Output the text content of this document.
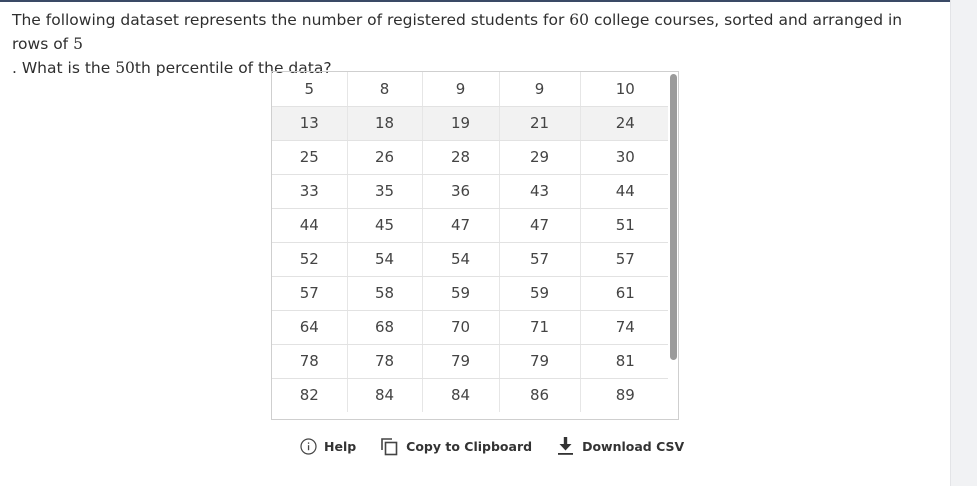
The following dataset represents the number of registered students for 60 college courses, sorted and arranged in rows of 5
. What is the 50th percentile of the data?
5	8	9	9	10
13	18	19	21	24
25	26	28	29	30
33	35	36	43	44
44	45	47	47	51
52	54	54	57	57
57	58	59	59	61
64	68	70	71	74
78	78	79	79	81
82	84	84	86	89
Help	Copy to Clipboard	Download CSV
